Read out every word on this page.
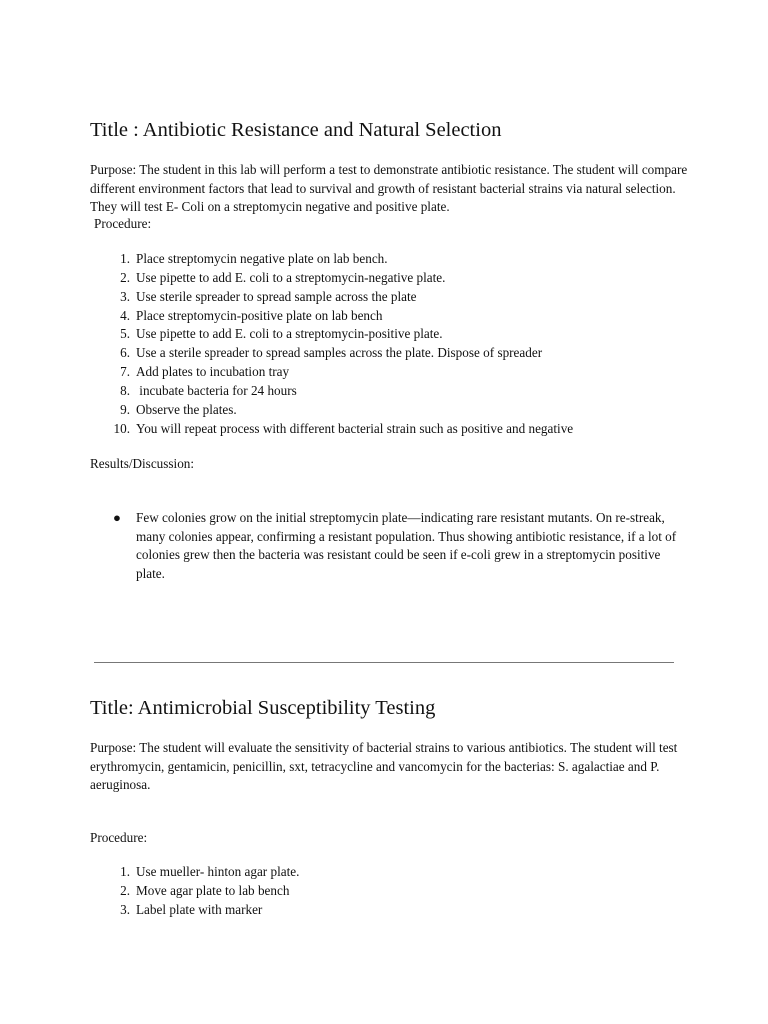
Title : Antibiotic Resistance and Natural Selection
Purpose: The student in this lab will perform a test to demonstrate antibiotic resistance. The student will compare different environment factors that lead to survival and growth of resistant bacterial strains via natural selection. They will test E- Coli on a streptomycin negative and positive plate.
Procedure:
1. Place streptomycin negative plate on lab bench.
2. Use pipette to add E. coli to a streptomycin-negative plate.
3. Use sterile spreader to spread sample across the plate
4. Place streptomycin-positive plate on lab bench
5. Use pipette to add E. coli to a streptomycin-positive plate.
6. Use a sterile spreader to spread samples across the plate. Dispose of spreader
7. Add plates to incubation tray
8. incubate bacteria for 24 hours
9. Observe the plates.
10. You will repeat process with different bacterial strain such as positive and negative
Results/Discussion:
● Few colonies grow on the initial streptomycin plate—indicating rare resistant mutants. On re-streak, many colonies appear, confirming a resistant population. Thus showing antibiotic resistance, if a lot of colonies grew then the bacteria was resistant could be seen if e-coli grew in a streptomycin positive plate.
Title: Antimicrobial Susceptibility Testing
Purpose: The student will evaluate the sensitivity of bacterial strains to various antibiotics. The student will test erythromycin, gentamicin, penicillin, sxt, tetracycline and vancomycin for the bacterias: S. agalactiae and P. aeruginosa.
Procedure:
1. Use mueller- hinton agar plate.
2. Move agar plate to lab bench
3. Label plate with marker
